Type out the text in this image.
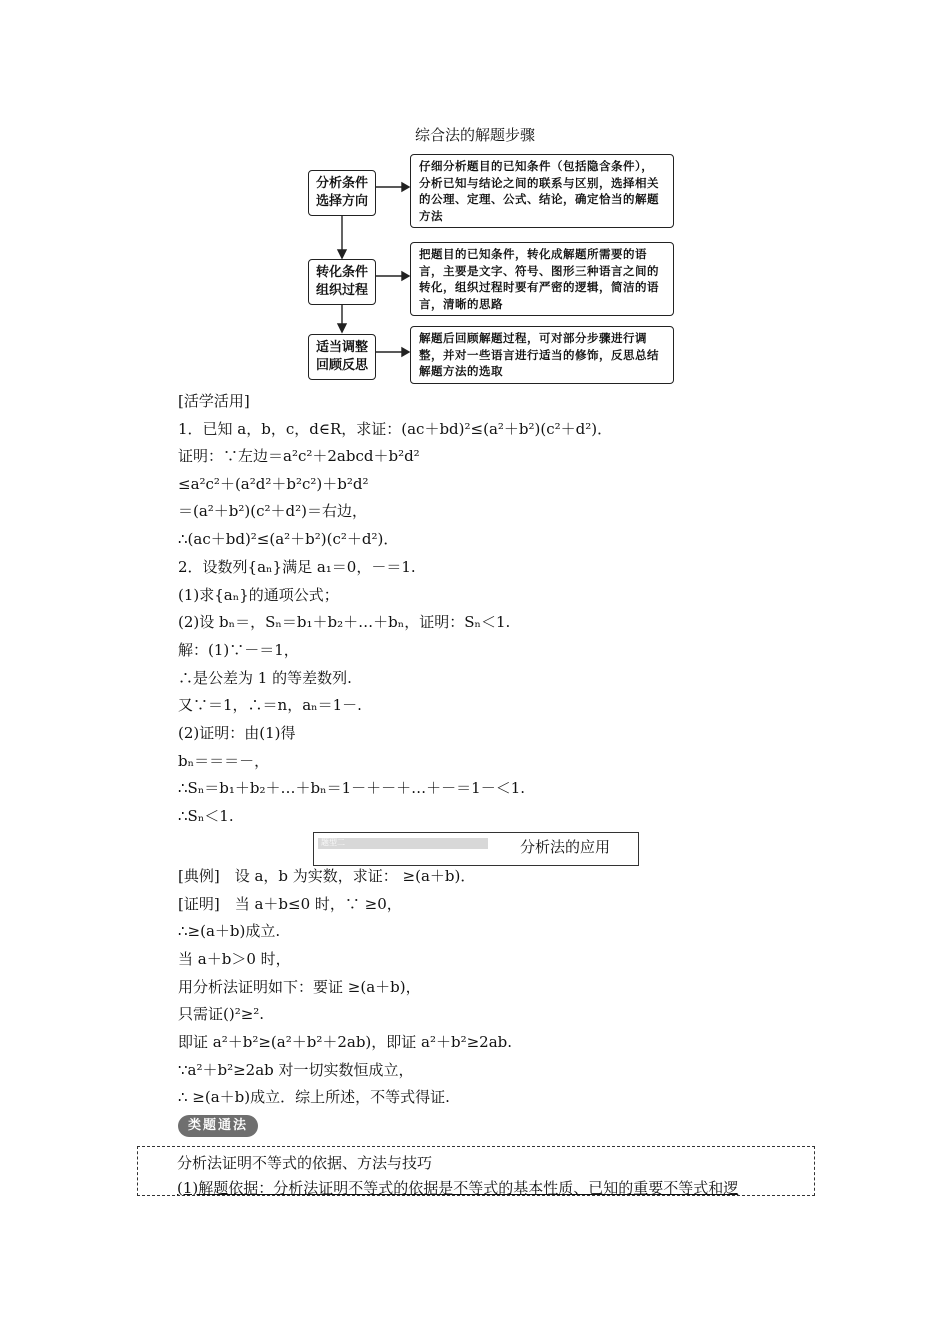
综合法的解题步骤
分析条件
选择方向
仔细分析题目的已知条件（包括隐含条件），分析已知与结论之间的联系与区别，选择相关的公理、定理、公式、结论，确定恰当的解题方法
转化条件
组织过程
把题目的已知条件，转化成解题所需要的语言，主要是文字、符号、图形三种语言之间的转化，组织过程时要有严密的逻辑，简洁的语言，清晰的思路
适当调整
回顾反思
解题后回顾解题过程，可对部分步骤进行调整，并对一些语言进行适当的修饰，反思总结解题方法的选取
[活学活用]
1．已知 a，b，c，d∈R，求证：(ac＋bd)²≤(a²＋b²)(c²＋d²)．
证明：∵左边＝a²c²＋2abcd＋b²d²
≤a²c²＋(a²d²＋b²c²)＋b²d²
＝(a²＋b²)(c²＋d²)＝右边，
∴(ac＋bd)²≤(a²＋b²)(c²＋d²)．
2．设数列{aₙ}满足 a₁＝0，－＝1.
(1)求{aₙ}的通项公式；
(2)设 bₙ＝，Sₙ＝b₁＋b₂＋…＋bₙ，证明：Sₙ＜1.
解：(1)∵－＝1，
∴是公差为 1 的等差数列.
又∵＝1，∴＝n，aₙ＝1－.
(2)证明：由(1)得
bₙ＝＝＝－，
∴Sₙ＝b₁＋b₂＋…＋bₙ＝1－＋－＋…＋－＝1－＜1.
∴Sₙ＜1.
题型二	分析法的应用
[典例]　设 a，b 为实数，求证： ≥(a＋b)．
[证明]　当 a＋b≤0 时，∵ ≥0，
∴≥(a＋b)成立.
当 a＋b＞0 时，
用分析法证明如下：要证 ≥(a＋b)，
只需证()²≥².
即证 a²＋b²≥(a²＋b²＋2ab)，即证 a²＋b²≥2ab.
∵a²＋b²≥2ab 对一切实数恒成立，
∴ ≥(a＋b)成立．综上所述，不等式得证.
类题通法
分析法证明不等式的依据、方法与技巧
(1)解题依据：分析法证明不等式的依据是不等式的基本性质、已知的重要不等式和逻
